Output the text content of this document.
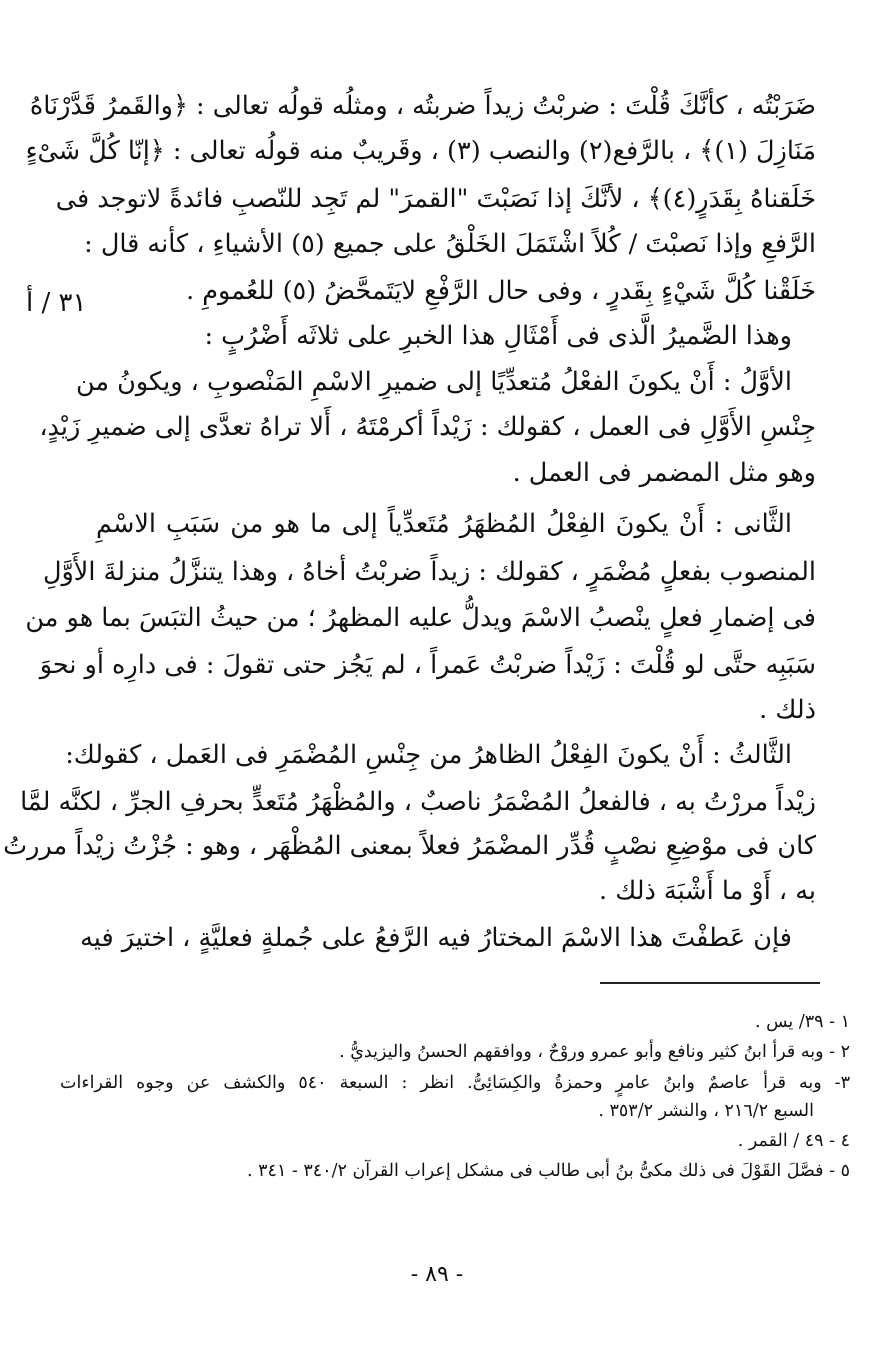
٣١ / أ
ضَرَبْتُه ، كأنَّكَ قُلْتَ : ضربْتُ زيداً ضربتُه ، ومثلُه قولُه تعالى : ﴿والقَمرُ قَدَّرْنَاهُ
مَنَازِلَ (١)﴾ ، بالرَّفع(٢) والنصب (٣) ، وقَريبٌ منه قولُه تعالى : ﴿إنّا كُلَّ شَىْءٍ
خَلَقناهُ بِقَدَرٍ(٤)﴾ ، لأنَّكَ إذا نَصَبْتَ "القمرَ" لم تَجِد للنّصبِ فائدةً لاتوجد فى
الرَّفعِ وإذا نَصبْتَ / كُلاً اشْتَمَلَ الخَلْقُ على جميع (٥) الأشياءِ ، كأنه قال :
خَلَقْنا كُلَّ شَيْءٍ بِقَدرٍ ، وفى حال الرَّفْعِ لايَتَمحَّضُ (٥) للعُمومِ .
وهذا الضَّميرُ الَّذى فى أَمْثَالِ هذا الخبرِ على ثلاثَه أَضْرُبٍ :
الأوَّلُ : أَنْ يكونَ الفعْلُ مُتعدِّيًا إلى ضميرِ الاسْمِ المَنْصوبِ ، ويكونُ من
جِنْسِ الأَوَّلِ فى العمل ، كقولك : زَيْداً أكرمْتَهُ ، أَلا تراهُ تعدَّى إلى ضميرِ زَيْدٍ،
وهو مثل المضمر فى العمل .
الثَّانى : أَنْ يكونَ الفِعْلُ المُظهَرُ مُتَعدِّياً إلى ما هو من سَبَبِ الاسْمِ
المنصوب بفعلٍ مُضْمَرٍ ، كقولك : زيداً ضربْتُ أخاهُ ، وهذا يتنزَّلُ منزلةَ الأَوَّلِ
فى إضمارِ فعلٍ ينْصبُ الاسْمَ ويدلُّ عليه المظهرُ ؛ من حيثُ التبَسَ بما هو من
سَبَبِه حتَّى لو قُلْتَ : زَيْداً ضربْتُ عَمراً ، لم يَجُز حتى تقولَ : فى دارِه أو نحوَ
ذلك .
الثَّالثُ : أَنْ يكونَ الفِعْلُ الظاهرُ من جِنْسِ المُضْمَرِ فى العَمل ، كقولك:
زيْداً مررْتُ به ، فالفعلُ المُضْمَرُ ناصبٌ ، والمُظْهَرُ مُتَعدٍّ بحرفِ الجرِّ ، لكنَّه لمَّا
كان فى موْضِعِ نصْبٍ قُدِّر المضْمَرُ فعلاً بمعنى المُظْهَر ، وهو : جُزْتُ زيْداً مررتُ
به ، أَوْ ما أَشْبَهَ ذلك .
فإن عَطفْتَ هذا الاسْمَ المختارُ فيه الرَّفعُ على جُملةٍ فعليَّةٍ ، اختيرَ فيه
١ - ٣٩/ يس .
٢ - وبه قرأ ابنُ كثير ونافع وأبو عمرو وروْحٌ ، ووافقهم الحسنُ واليزيديُّ .
٣- وبه قرأ عاصمٌ وابنُ عامرٍ وحمزةُ والكِسَائِىُّ. انظر : السبعة ٥٤٠ والكشف عن وجوه القراءات
السبع ٢١٦/٢ ، والنشر ٣٥٣/٢ .
٤ - ٤٩ / القمر .
٥ - فصَّلَ القَوْلَ فى ذلك مكىُّ بنُ أبى طالب فى مشكل إعراب القرآن ٣٤٠/٢ - ٣٤١ .
- ٨٩ -
